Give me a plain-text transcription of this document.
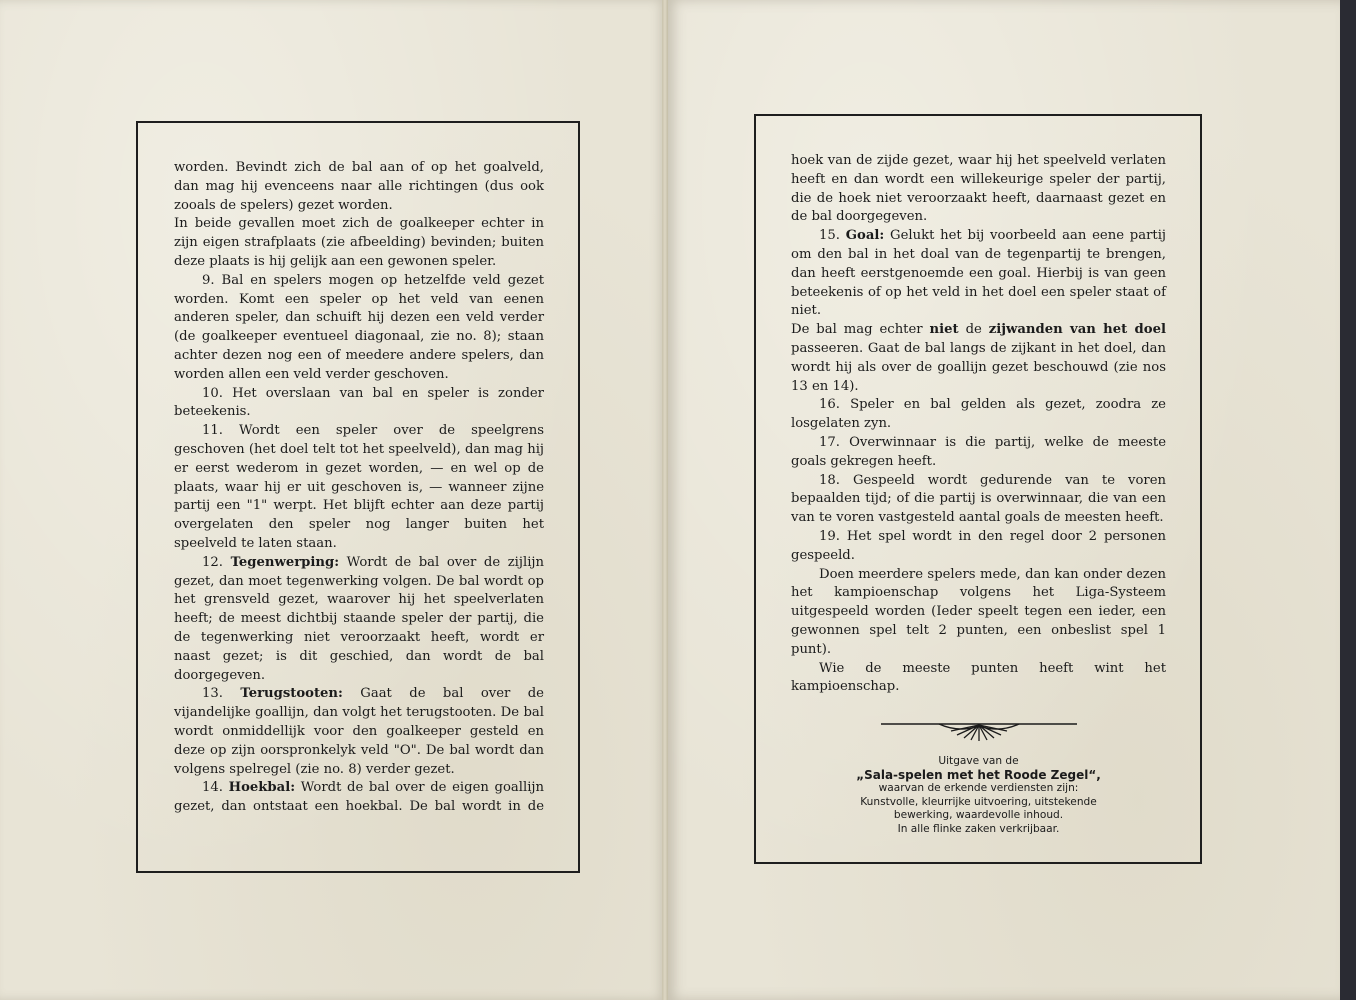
worden. Bevindt zich de bal aan of op het goalveld, dan mag hij evenceens naar alle richtingen (dus ook zooals de spelers) gezet worden.

In beide gevallen moet zich de goalkeeper echter in zijn eigen strafplaats (zie afbeelding) bevinden; buiten deze plaats is hij gelijk aan een gewonen speler.

9. Bal en spelers mogen op hetzelfde veld gezet worden. Komt een speler op het veld van eenen anderen speler, dan schuift hij dezen een veld verder (de goalkeeper eventueel diagonaal, zie no. 8); staan achter dezen nog een of meedere andere spelers, dan worden allen een veld verder geschoven.

10. Het overslaan van bal en speler is zonder beteekenis.

11. Wordt een speler over de speelgrens geschoven (het doel telt tot het speelveld), dan mag hij er eerst wederom in gezet worden, — en wel op de plaats, waar hij er uit geschoven is, — wanneer zijne partij een "1" werpt. Het blijft echter aan deze partij overgelaten den speler nog langer buiten het speelveld te laten staan.

12. Tegenwerping: Wordt de bal over de zijlijn gezet, dan moet tegenwerking volgen. De bal wordt op het grensveld gezet, waarover hij het speelverlaten heeft; de meest dichtbij staande speler der partij, die de tegenwerking niet veroorzaakt heeft, wordt er naast gezet; is dit geschied, dan wordt de bal doorgegeven.

13. Terugstooten: Gaat de bal over de vijandelijke goallijn, dan volgt het terugstooten. De bal wordt onmiddellijk voor den goalkeeper gesteld en deze op zijn oorspronkelyk veld "O". De bal wordt dan volgens spelregel (zie no. 8) verder gezet.

14. Hoekbal: Wordt de bal over de eigen goallijn gezet, dan ontstaat een hoekbal. De bal wordt in de

hoek van de zijde gezet, waar hij het speelveld verlaten heeft en dan wordt een willekeurige speler der partij, die de hoek niet veroorzaakt heeft, daarnaast gezet en de bal doorgegeven.

15. Goal: Gelukt het bij voorbeeld aan eene partij om den bal in het doal van de tegenpartij te brengen, dan heeft eerstgenoemde een goal. Hierbij is van geen beteekenis of op het veld in het doel een speler staat of niet.

De bal mag echter niet de zijwanden van het doel passeeren. Gaat de bal langs de zijkant in het doel, dan wordt hij als over de goallijn gezet beschouwd (zie nos 13 en 14).

16. Speler en bal gelden als gezet, zoodra ze losgelaten zyn.

17. Overwinnaar is die partij, welke de meeste goals gekregen heeft.

18. Gespeeld wordt gedurende van te voren bepaalden tijd; of die partij is overwinnaar, die van een van te voren vastgesteld aantal goals de meesten heeft.

19. Het spel wordt in den regel door 2 personen gespeeld.

Doen meerdere spelers mede, dan kan onder dezen het kampioenschap volgens het Liga-Systeem uitgespeeld worden (Ieder speelt tegen een ieder, een gewonnen spel telt 2 punten, een onbeslist spel 1 punt).

Wie de meeste punten heeft wint het kampioenschap.

Uitgave van de
„Sala-spelen met het Roode Zegel“,
waarvan de erkende verdiensten zijn:
Kunstvolle, kleurrijke uitvoering, uitstekende
bewerking, waardevolle inhoud.
In alle flinke zaken verkrijbaar.
